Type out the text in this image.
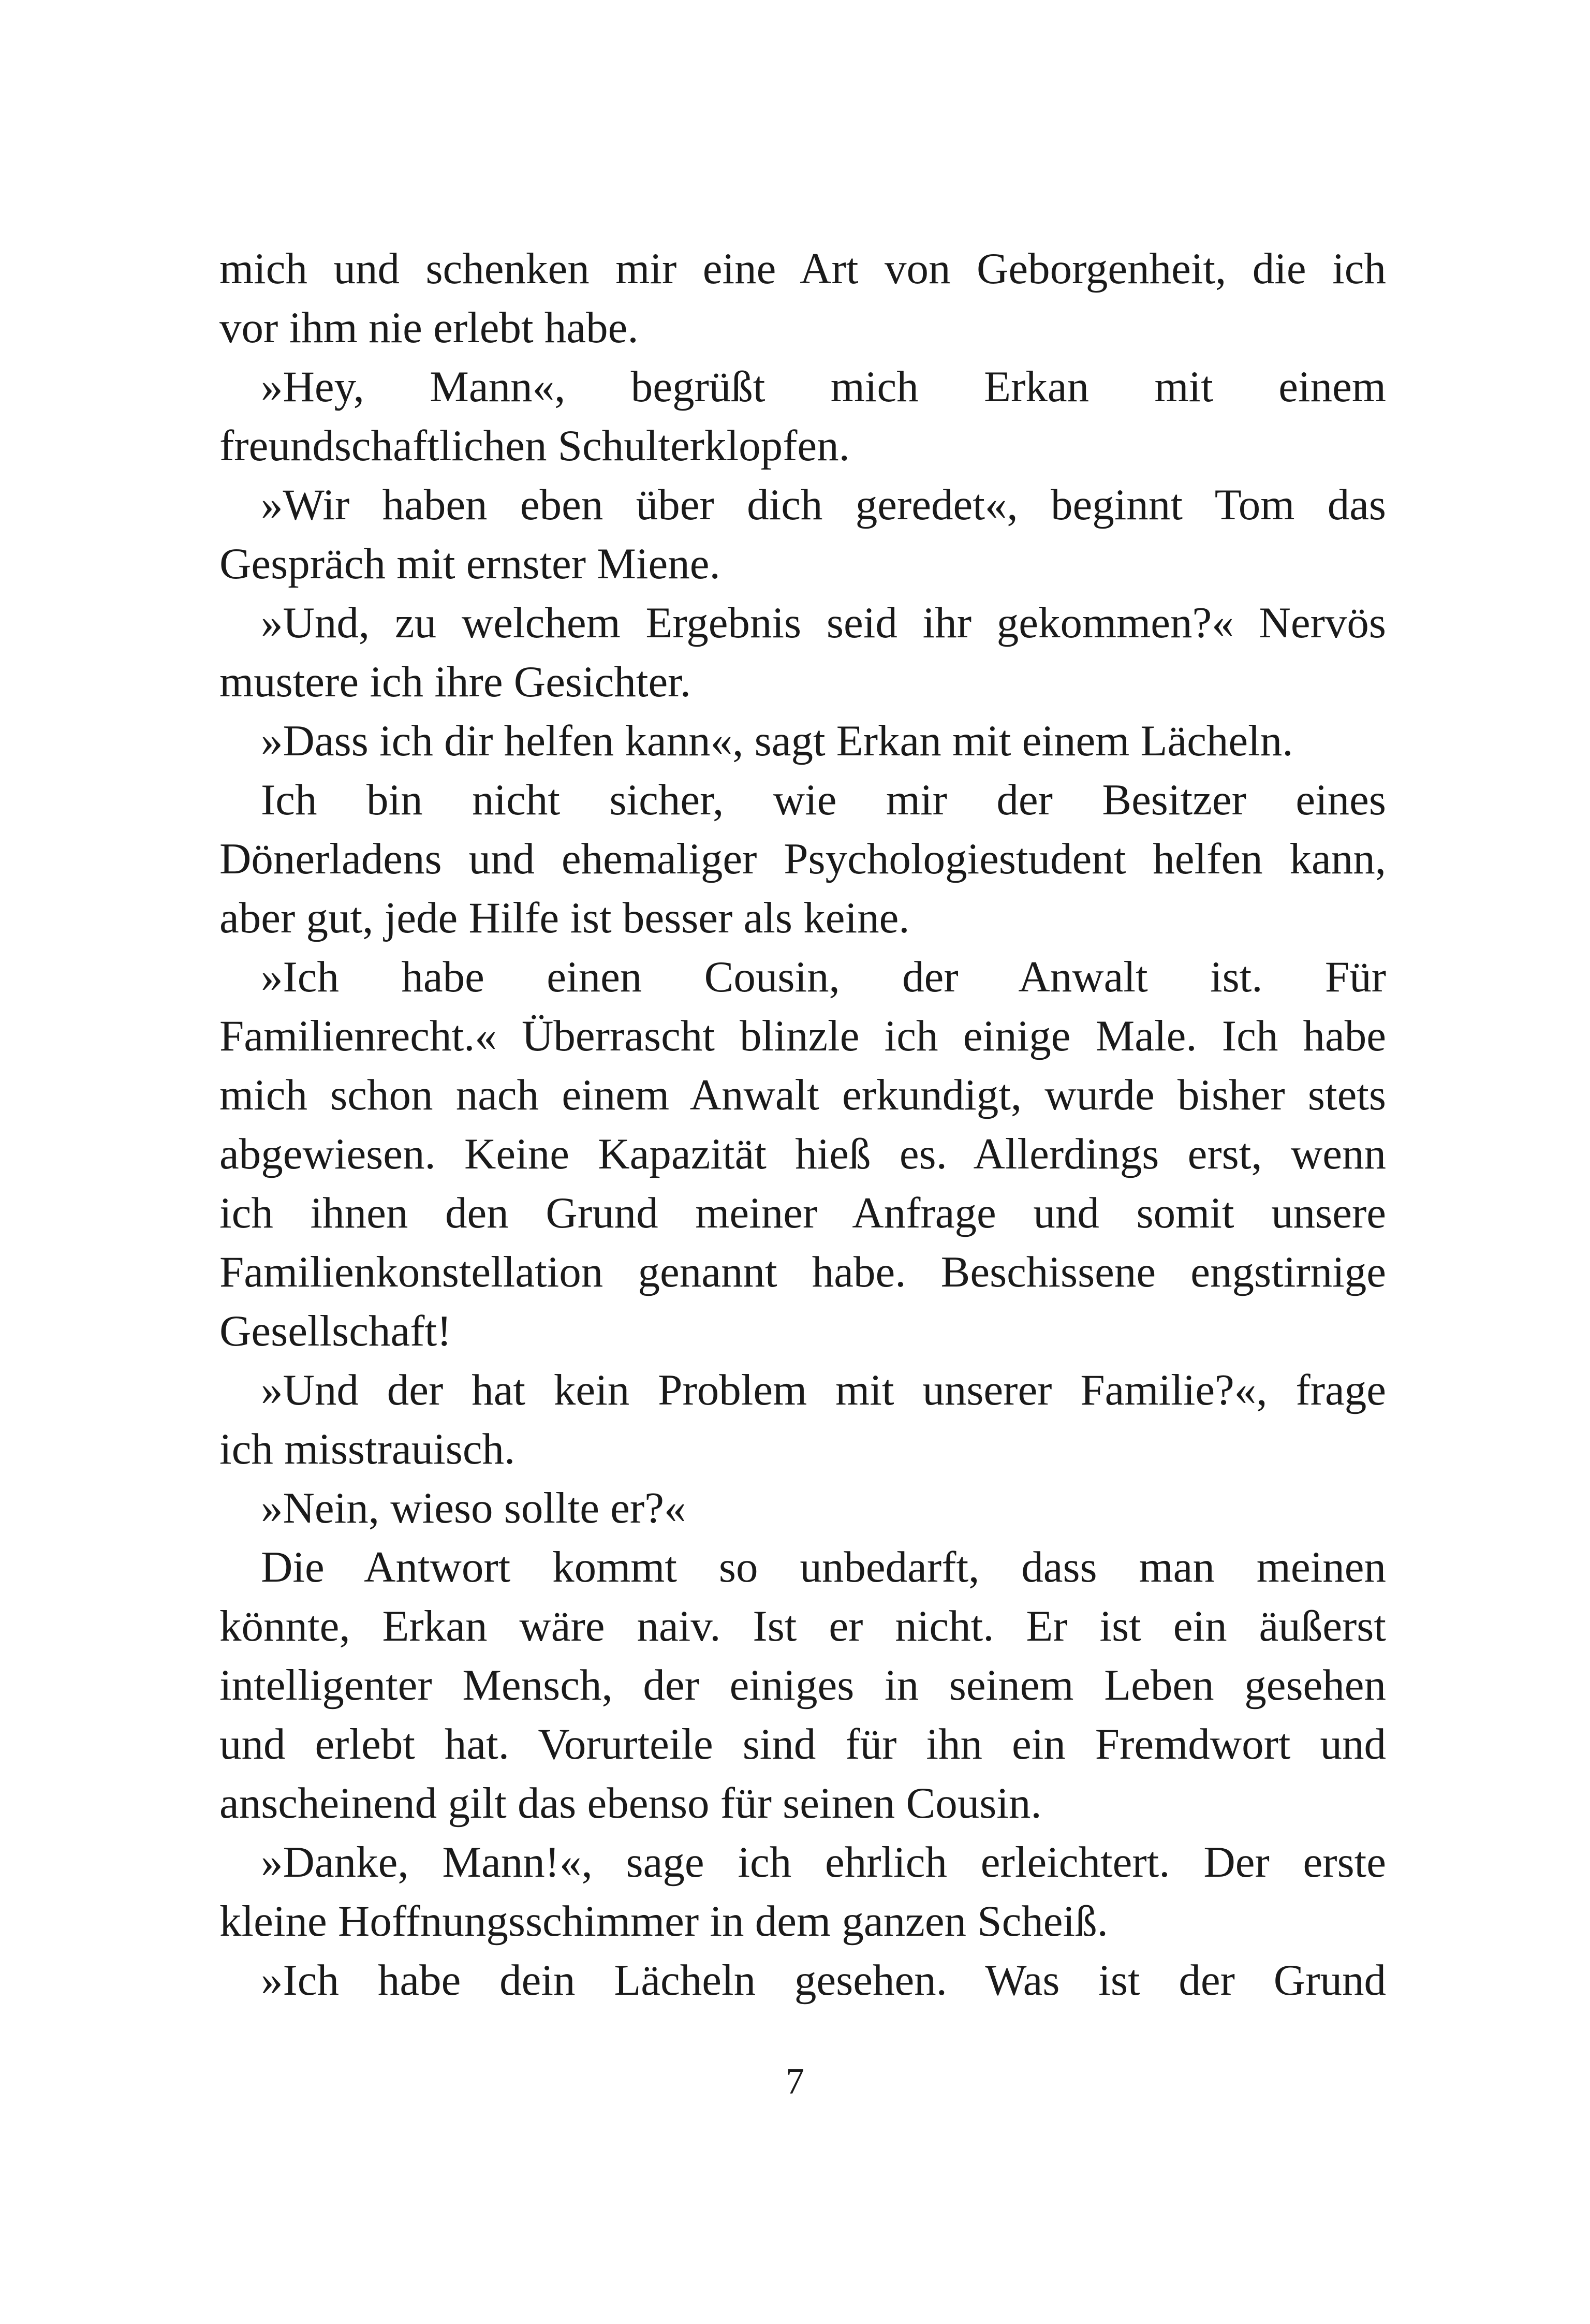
mich und schenken mir eine Art von Geborgenheit, die ich
vor ihm nie erlebt habe.
»Hey, Mann«, begrüßt mich Erkan mit einem
freundschaftlichen Schulterklopfen.
»Wir haben eben über dich geredet«, beginnt Tom das
Gespräch mit ernster Miene.
»Und, zu welchem Ergebnis seid ihr gekommen?« Nervös
mustere ich ihre Gesichter.
»Dass ich dir helfen kann«, sagt Erkan mit einem Lächeln.
Ich bin nicht sicher, wie mir der Besitzer eines
Dönerladens und ehemaliger Psychologiestudent helfen kann,
aber gut, jede Hilfe ist besser als keine.
»Ich habe einen Cousin, der Anwalt ist. Für
Familienrecht.« Überrascht blinzle ich einige Male. Ich habe
mich schon nach einem Anwalt erkundigt, wurde bisher stets
abgewiesen. Keine Kapazität hieß es. Allerdings erst, wenn
ich ihnen den Grund meiner Anfrage und somit unsere
Familienkonstellation genannt habe. Beschissene engstirnige
Gesellschaft!
»Und der hat kein Problem mit unserer Familie?«, frage
ich misstrauisch.
»Nein, wieso sollte er?«
Die Antwort kommt so unbedarft, dass man meinen
könnte, Erkan wäre naiv. Ist er nicht. Er ist ein äußerst
intelligenter Mensch, der einiges in seinem Leben gesehen
und erlebt hat. Vorurteile sind für ihn ein Fremdwort und
anscheinend gilt das ebenso für seinen Cousin.
»Danke, Mann!«, sage ich ehrlich erleichtert. Der erste
kleine Hoffnungsschimmer in dem ganzen Scheiß.
»Ich habe dein Lächeln gesehen. Was ist der Grund
7
